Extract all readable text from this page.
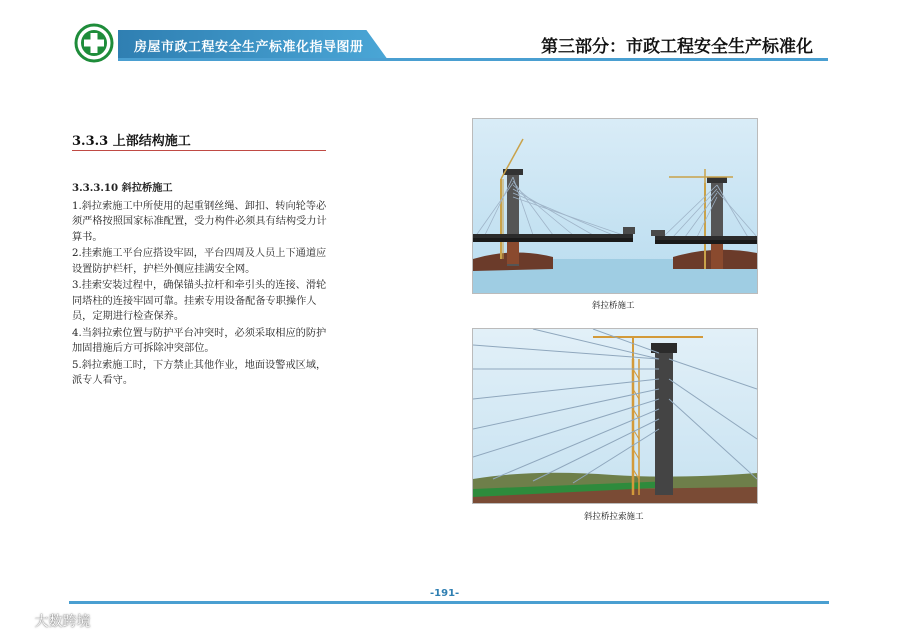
房屋市政工程安全生产标准化指导图册	第三部分：市政工程安全生产标准化
3.3.3 上部结构施工
3.3.3.10 斜拉桥施工
1.斜拉索施工中所使用的起重钢丝绳、卸扣、转向轮等必须严格按照国家标准配置，受力构件必须具有结构受力计算书。
2.挂索施工平台应搭设牢固，平台四周及人员上下通道应设置防护栏杆，护栏外侧应挂满安全网。
3.挂索安装过程中，确保锚头拉杆和牵引头的连接、滑轮同塔柱的连接牢固可靠。挂索专用设备配备专职操作人员，定期进行检查保养。
4.当斜拉索位置与防护平台冲突时，必须采取相应的防护加固措施后方可拆除冲突部位。
5.斜拉索施工时，下方禁止其他作业，地面设警戒区域，派专人看守。
斜拉桥施工
斜拉桥拉索施工
-191-
大数跨境
